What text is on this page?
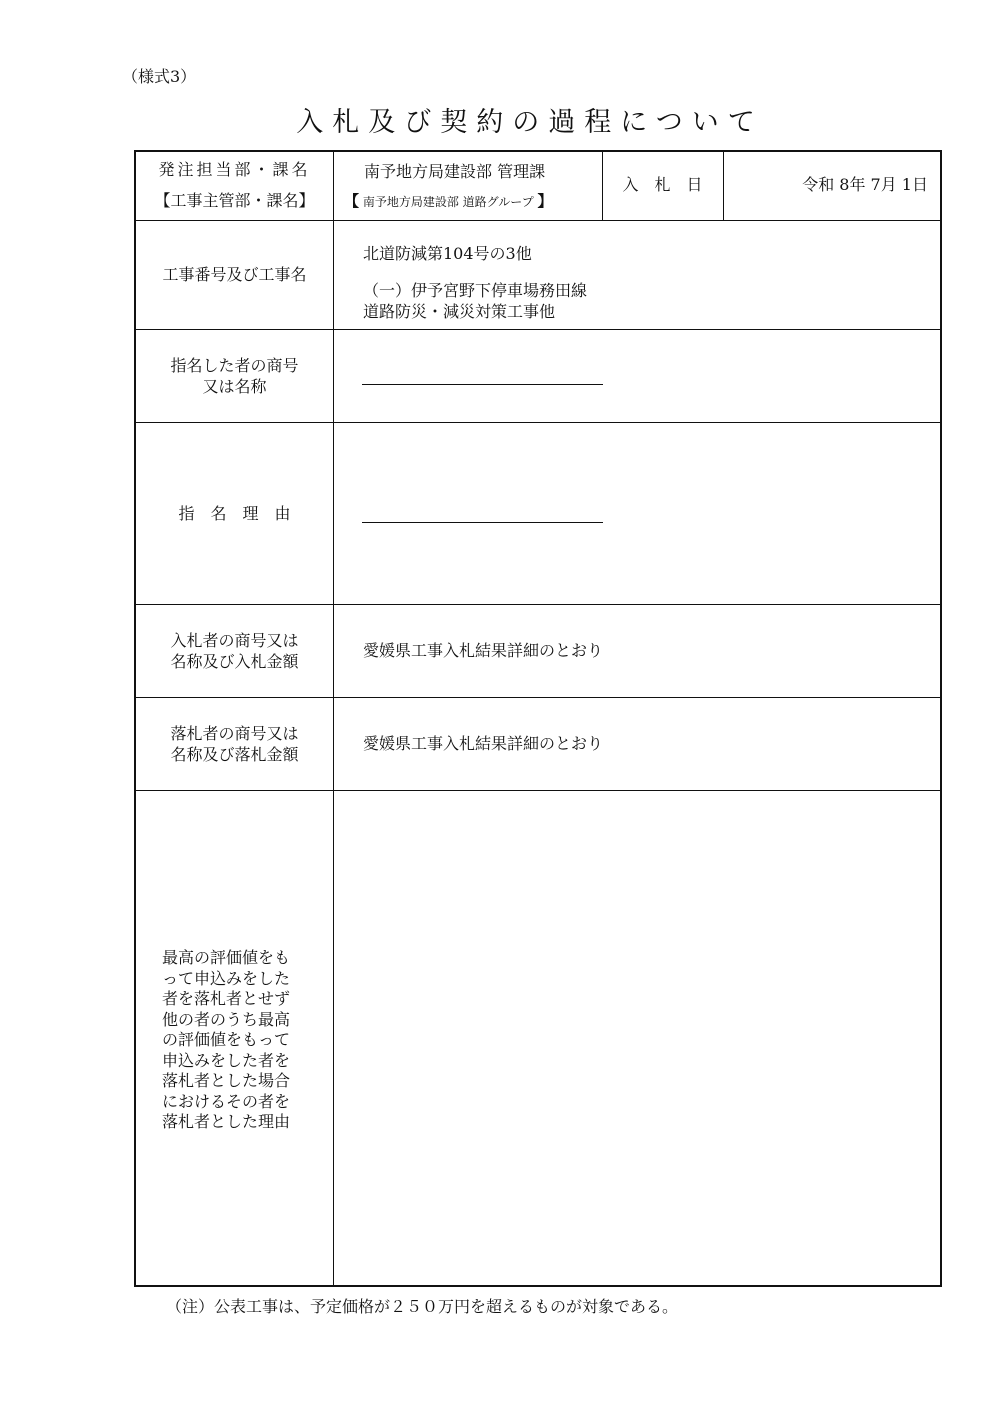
（様式3）
入札及び契約の過程について
発注担当部・課名
【工事主管部・課名】
南予地方局建設部 管理課
【 南予地方局建設部 道路グループ 】
入　札　日	令和 8年 7月 1日
工事番号及び工事名
北道防減第104号の3他
（一）伊予宮野下停車場務田線
道路防災・減災対策工事他
指名した者の商号
又は名称
指　名　理　由
入札者の商号又は
名称及び入札金額
愛媛県工事入札結果詳細のとおり
落札者の商号又は
名称及び落札金額
愛媛県工事入札結果詳細のとおり
最高の評価値をも
って申込みをした
者を落札者とせず
他の者のうち最高
の評価値をもって
申込みをした者を
落札者とした場合
におけるその者を
落札者とした理由
（注）公表工事は、予定価格が２５０万円を超えるものが対象である。
